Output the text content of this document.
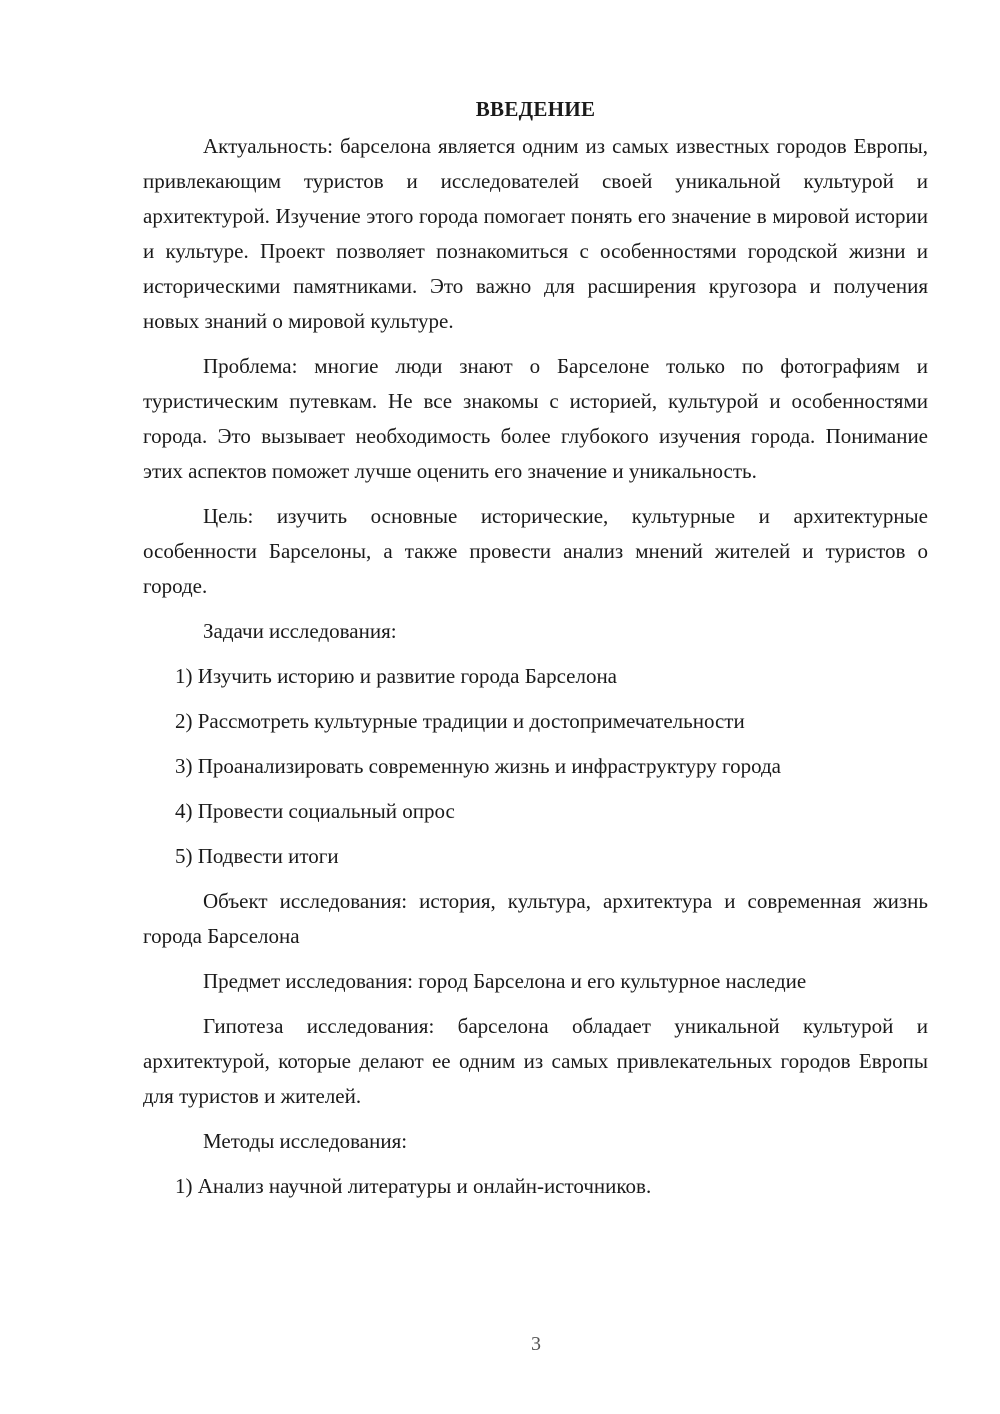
ВВЕДЕНИЕ

Актуальность: барселона является одним из самых известных городов Европы, привлекающим туристов и исследователей своей уникальной культурой и архитектурой. Изучение этого города помогает понять его значение в мировой истории и культуре. Проект позволяет познакомиться с особенностями городской жизни и историческими памятниками. Это важно для расширения кругозора и получения новых знаний о мировой культуре.

Проблема: многие люди знают о Барселоне только по фотографиям и туристическим путевкам. Не все знакомы с историей, культурой и особенностями города. Это вызывает необходимость более глубокого изучения города. Понимание этих аспектов поможет лучше оценить его значение и уникальность.

Цель: изучить основные исторические, культурные и архитектурные особенности Барселоны, а также провести анализ мнений жителей и туристов о городе.

Задачи исследования:
1) Изучить историю и развитие города Барселона
2) Рассмотреть культурные традиции и достопримечательности
3) Проанализировать современную жизнь и инфраструктуру города
4) Провести социальный опрос
5) Подвести итоги

Объект исследования: история, культура, архитектура и современная жизнь города Барселона

Предмет исследования: город Барселона и его культурное наследие

Гипотеза исследования: барселона обладает уникальной культурой и архитектурой, которые делают ее одним из самых привлекательных городов Европы для туристов и жителей.

Методы исследования:
1) Анализ научной литературы и онлайн-источников.
3
